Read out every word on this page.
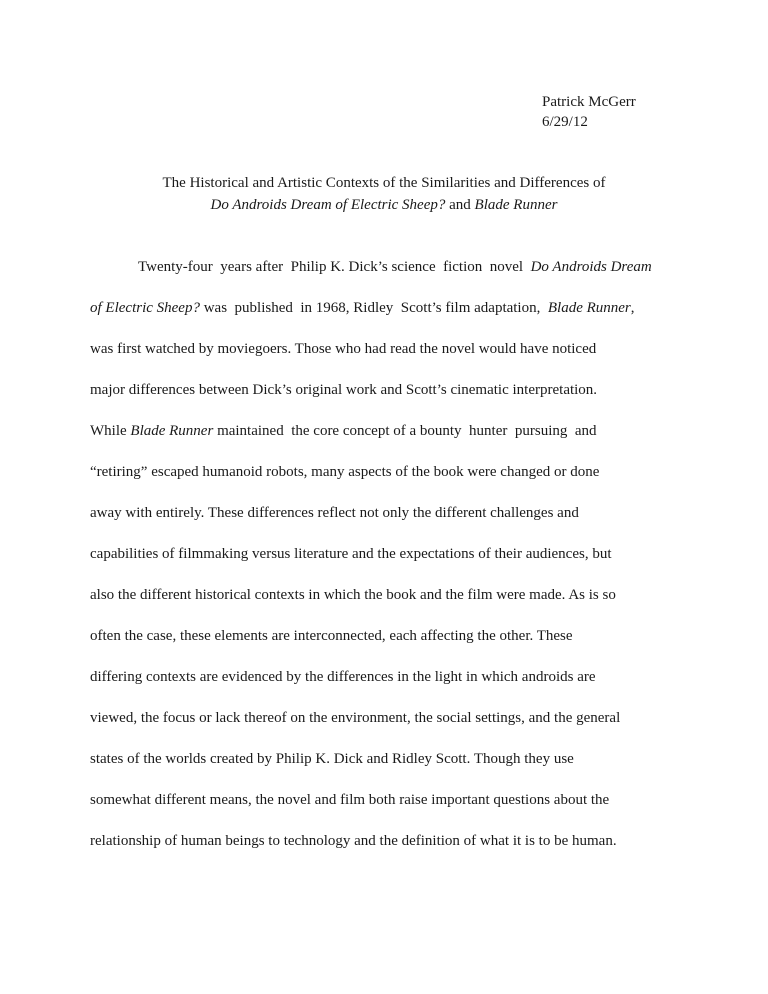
Patrick McGerr
6/29/12
The Historical and Artistic Contexts of the Similarities and Differences of
Do Androids Dream of Electric Sheep? and Blade Runner
Twenty-four  years after  Philip K. Dick’s science  fiction  novel  Do Androids Dream
of Electric Sheep? was  published  in 1968, Ridley  Scott’s film adaptation,  Blade Runner,
was first watched by moviegoers. Those who had read the novel would have noticed
major differences between Dick’s original work and Scott’s cinematic interpretation.
While Blade Runner maintained  the core concept of a bounty  hunter  pursuing  and
“retiring” escaped humanoid robots, many aspects of the book were changed or done
away with entirely. These differences reflect not only the different challenges and
capabilities of filmmaking versus literature and the expectations of their audiences, but
also the different historical contexts in which the book and the film were made. As is so
often the case, these elements are interconnected, each affecting the other. These
differing contexts are evidenced by the differences in the light in which androids are
viewed, the focus or lack thereof on the environment, the social settings, and the general
states of the worlds created by Philip K. Dick and Ridley Scott. Though they use
somewhat different means, the novel and film both raise important questions about the
relationship of human beings to technology and the definition of what it is to be human.
